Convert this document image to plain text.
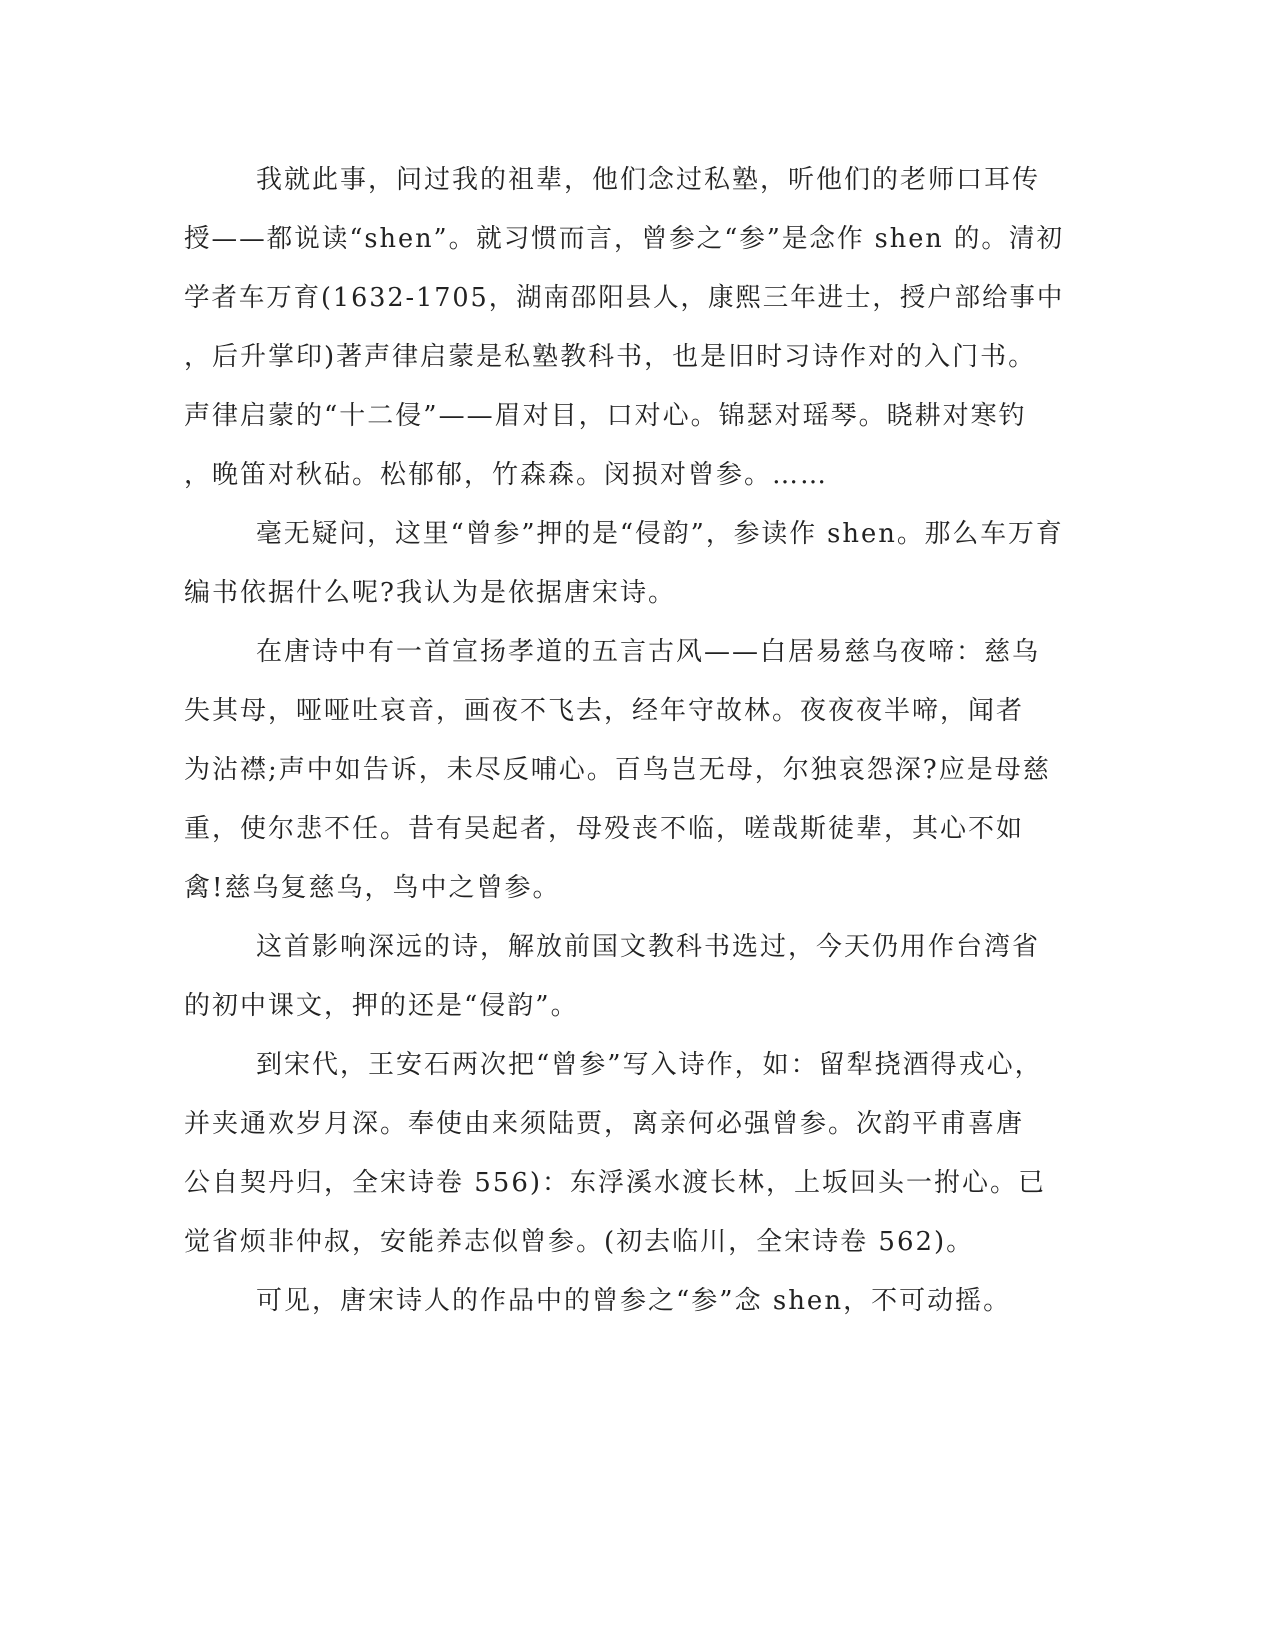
我就此事，问过我的祖辈，他们念过私塾，听他们的老师口耳传
授——都说读“shen”。就习惯而言，曾参之“参”是念作 shen 的。清初
学者车万育(1632-1705，湖南邵阳县人，康熙三年进士，授户部给事中
，后升掌印)著声律启蒙是私塾教科书，也是旧时习诗作对的入门书。
声律启蒙的“十二侵”——眉对目，口对心。锦瑟对瑶琴。晓耕对寒钓
，晚笛对秋砧。松郁郁，竹森森。闵损对曾参。……
毫无疑问，这里“曾参”押的是“侵韵”，参读作 shen。那么车万育
编书依据什么呢?我认为是依据唐宋诗。
在唐诗中有一首宣扬孝道的五言古风——白居易慈乌夜啼：慈乌
失其母，哑哑吐哀音，画夜不飞去，经年守故林。夜夜夜半啼，闻者
为沾襟;声中如告诉，未尽反哺心。百鸟岂无母，尔独哀怨深?应是母慈
重，使尔悲不任。昔有吴起者，母殁丧不临，嗟哉斯徒辈，其心不如
禽!慈乌复慈乌，鸟中之曾参。
这首影响深远的诗，解放前国文教科书选过，今天仍用作台湾省
的初中课文，押的还是“侵韵”。
到宋代，王安石两次把“曾参”写入诗作，如：留犁挠酒得戎心，
并夹通欢岁月深。奉使由来须陆贾，离亲何必强曾参。次韵平甫喜唐
公自契丹归，全宋诗卷 556)：东浮溪水渡长林，上坂回头一拊心。已
觉省烦非仲叔，安能养志似曾参。(初去临川，全宋诗卷 562)。
可见，唐宋诗人的作品中的曾参之“参”念 shen，不可动摇。
